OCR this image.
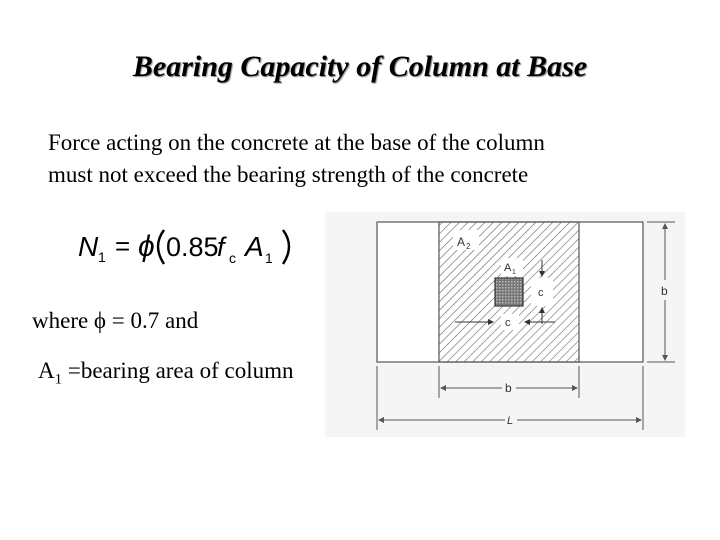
Bearing Capacity of Column at Base
Force acting on the concrete at the base of the column
must not exceed the bearing strength of the concrete
N 1 = ϕ 0.85
f c A 1
where ϕ = 0.7 and
$A_1$ =bearing area of column
A 2
A 1
c
c
b
b
L
